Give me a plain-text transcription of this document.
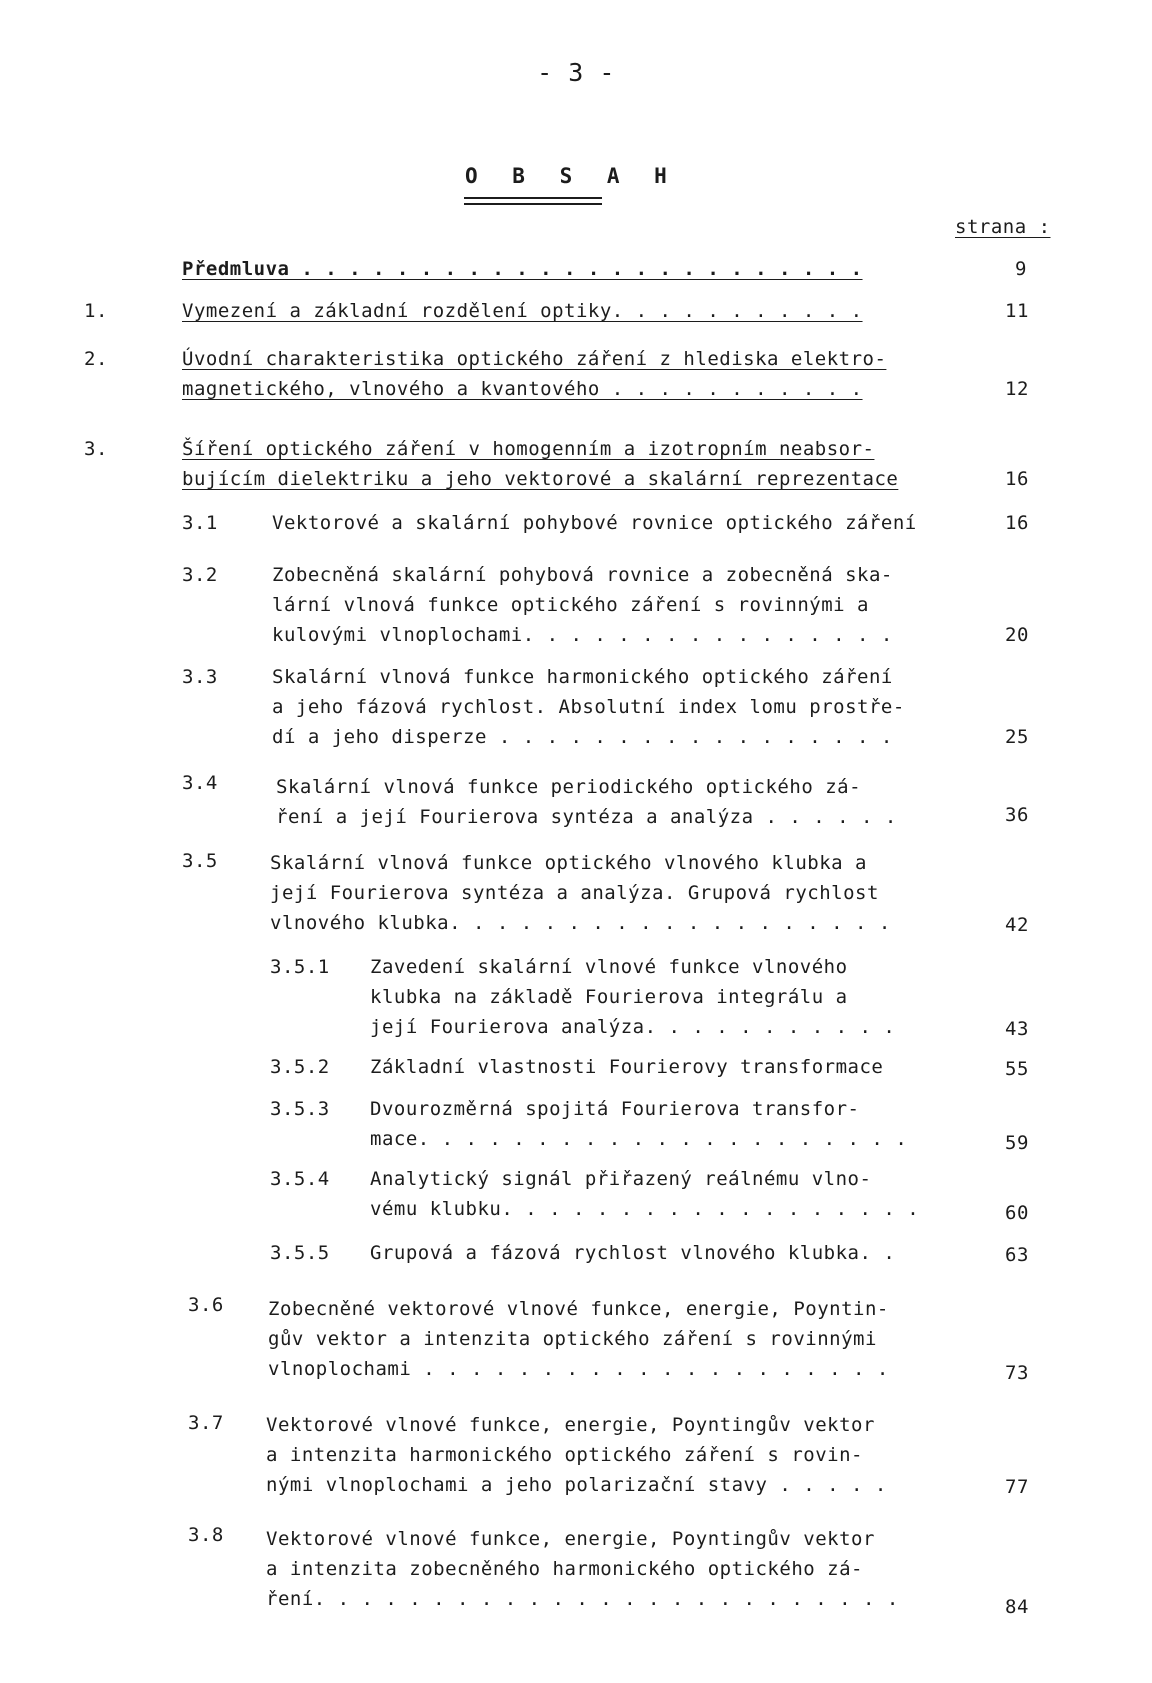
- 3 -
O B S A H
strana :
Předmluva . . . . . . . . . . . . . . . . . . . . . . . .	9
1.	Vymezení a základní rozdělení optiky. . . . . . . . . . .	11
2.	Úvodní charakteristika optického záření z hlediska elektro-
magnetického, vlnového a kvantového . . . . . . . . . . .	12
3.	Šíření optického záření v homogenním a izotropním neabsor-
bujícím dielektriku a jeho vektorové a skalární reprezentace	16
3.1	Vektorové a skalární pohybové rovnice optického záření	16
3.2	Zobecněná skalární pohybová rovnice a zobecněná ska-
lární vlnová funkce optického záření s rovinnými a
kulovými vlnoplochami. . . . . . . . . . . . . . . .	20
3.3	Skalární vlnová funkce harmonického optického záření
a jeho fázová rychlost. Absolutní index lomu prostře-
dí a jeho disperze . . . . . . . . . . . . . . . . .	25
3.4	Skalární vlnová funkce periodického optického zá-
ření a její Fourierova syntéza a analýza . . . . . .	36
3.5	Skalární vlnová funkce optického vlnového klubka a
její Fourierova syntéza a analýza. Grupová rychlost
vlnového klubka. . . . . . . . . . . . . . . . . . .	42
3.5.1 Zavedení skalární vlnové funkce vlnového
klubka na základě Fourierova integrálu a
její Fourierova analýza. . . . . . . . . . .	43
3.5.2 Základní vlastnosti Fourierovy transformace	55
3.5.3 Dvourozměrná spojitá Fourierova transfor-
mace. . . . . . . . . . . . . . . . . . . . .	59
3.5.4 Analytický signál přiřazený reálnému vlno-
vému klubku. . . . . . . . . . . . . . . . . .	60
3.5.5 Grupová a fázová rychlost vlnového klubka. .	63
3.6 Zobecněné vektorové vlnové funkce, energie, Poyntin-
gův vektor a intenzita optického záření s rovinnými
vlnoplochami . . . . . . . . . . . . . . . . . . . .	73
3.7 Vektorové vlnové funkce, energie, Poyntingův vektor
a intenzita harmonického optického záření s rovin-
nými vlnoplochami a jeho polarizační stavy . . . . .	77
3.8 Vektorové vlnové funkce, energie, Poyntingův vektor
a intenzita zobecněného harmonického optického zá-
ření. . . . . . . . . . . . . . . . . . . . . . . . .	84
